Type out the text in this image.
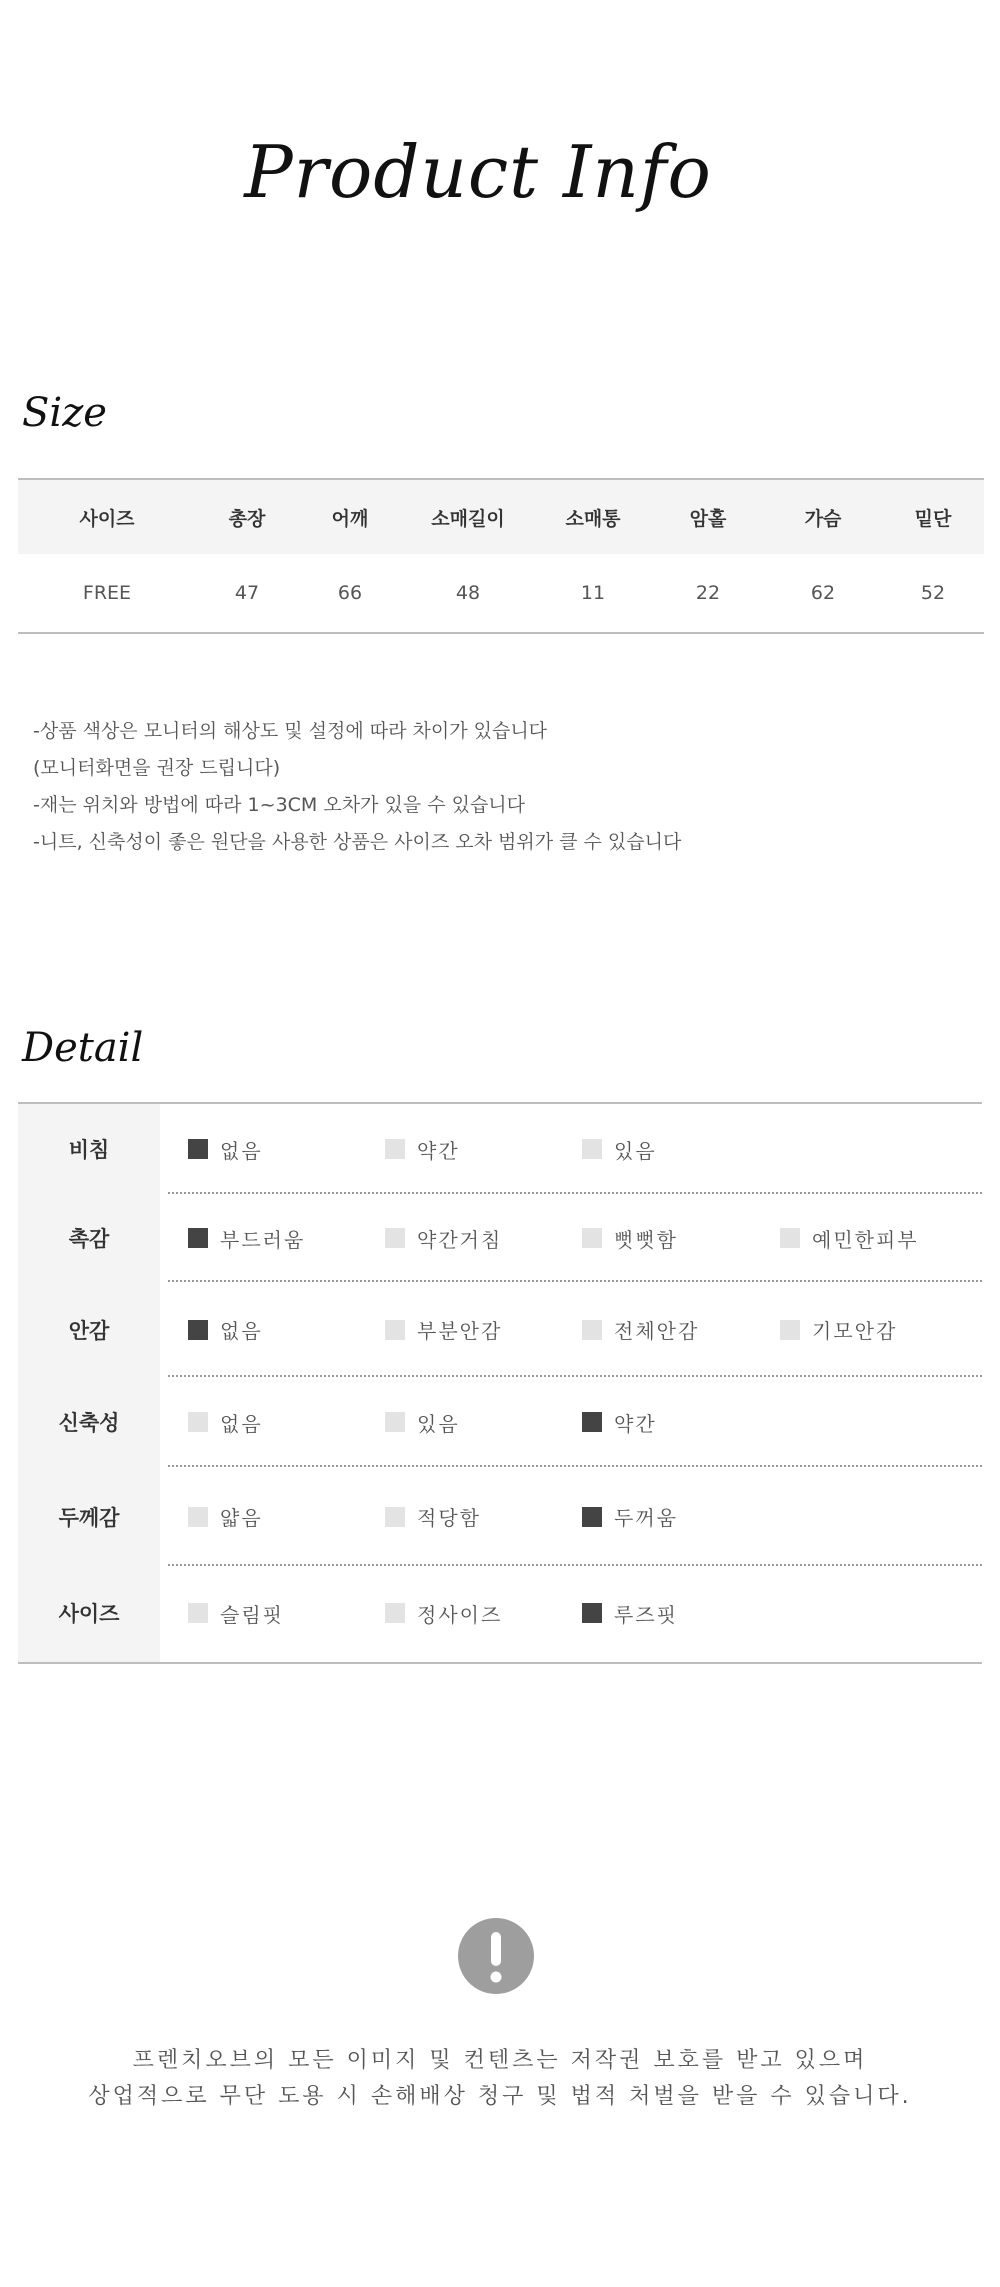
Product Info
Size
사이즈	총장	어깨	소매길이	소매통	암홀	가슴	밑단
FREE	47	66	48	11	22	62	52
-상품 색상은 모니터의 해상도 및 설정에 따라 차이가 있습니다
(모니터화면을 권장 드립니다)
-재는 위치와 방법에 따라 1~3CM 오차가 있을 수 있습니다
-니트, 신축성이 좋은 원단을 사용한 상품은 사이즈 오차 범위가 클 수 있습니다
Detail
비침	없음	약간	있음
촉감	부드러움	약간거침	뻣뻣함	예민한피부
안감	없음	부분안감	전체안감	기모안감
신축성	없음	있음	약간
두께감	얇음	적당함	두꺼움
사이즈	슬림핏	정사이즈	루즈핏

프렌치오브의 모든 이미지 및 컨텐츠는 저작권 보호를 받고 있으며
상업적으로 무단 도용 시 손해배상 청구 및 법적 처벌을 받을 수 있습니다.
